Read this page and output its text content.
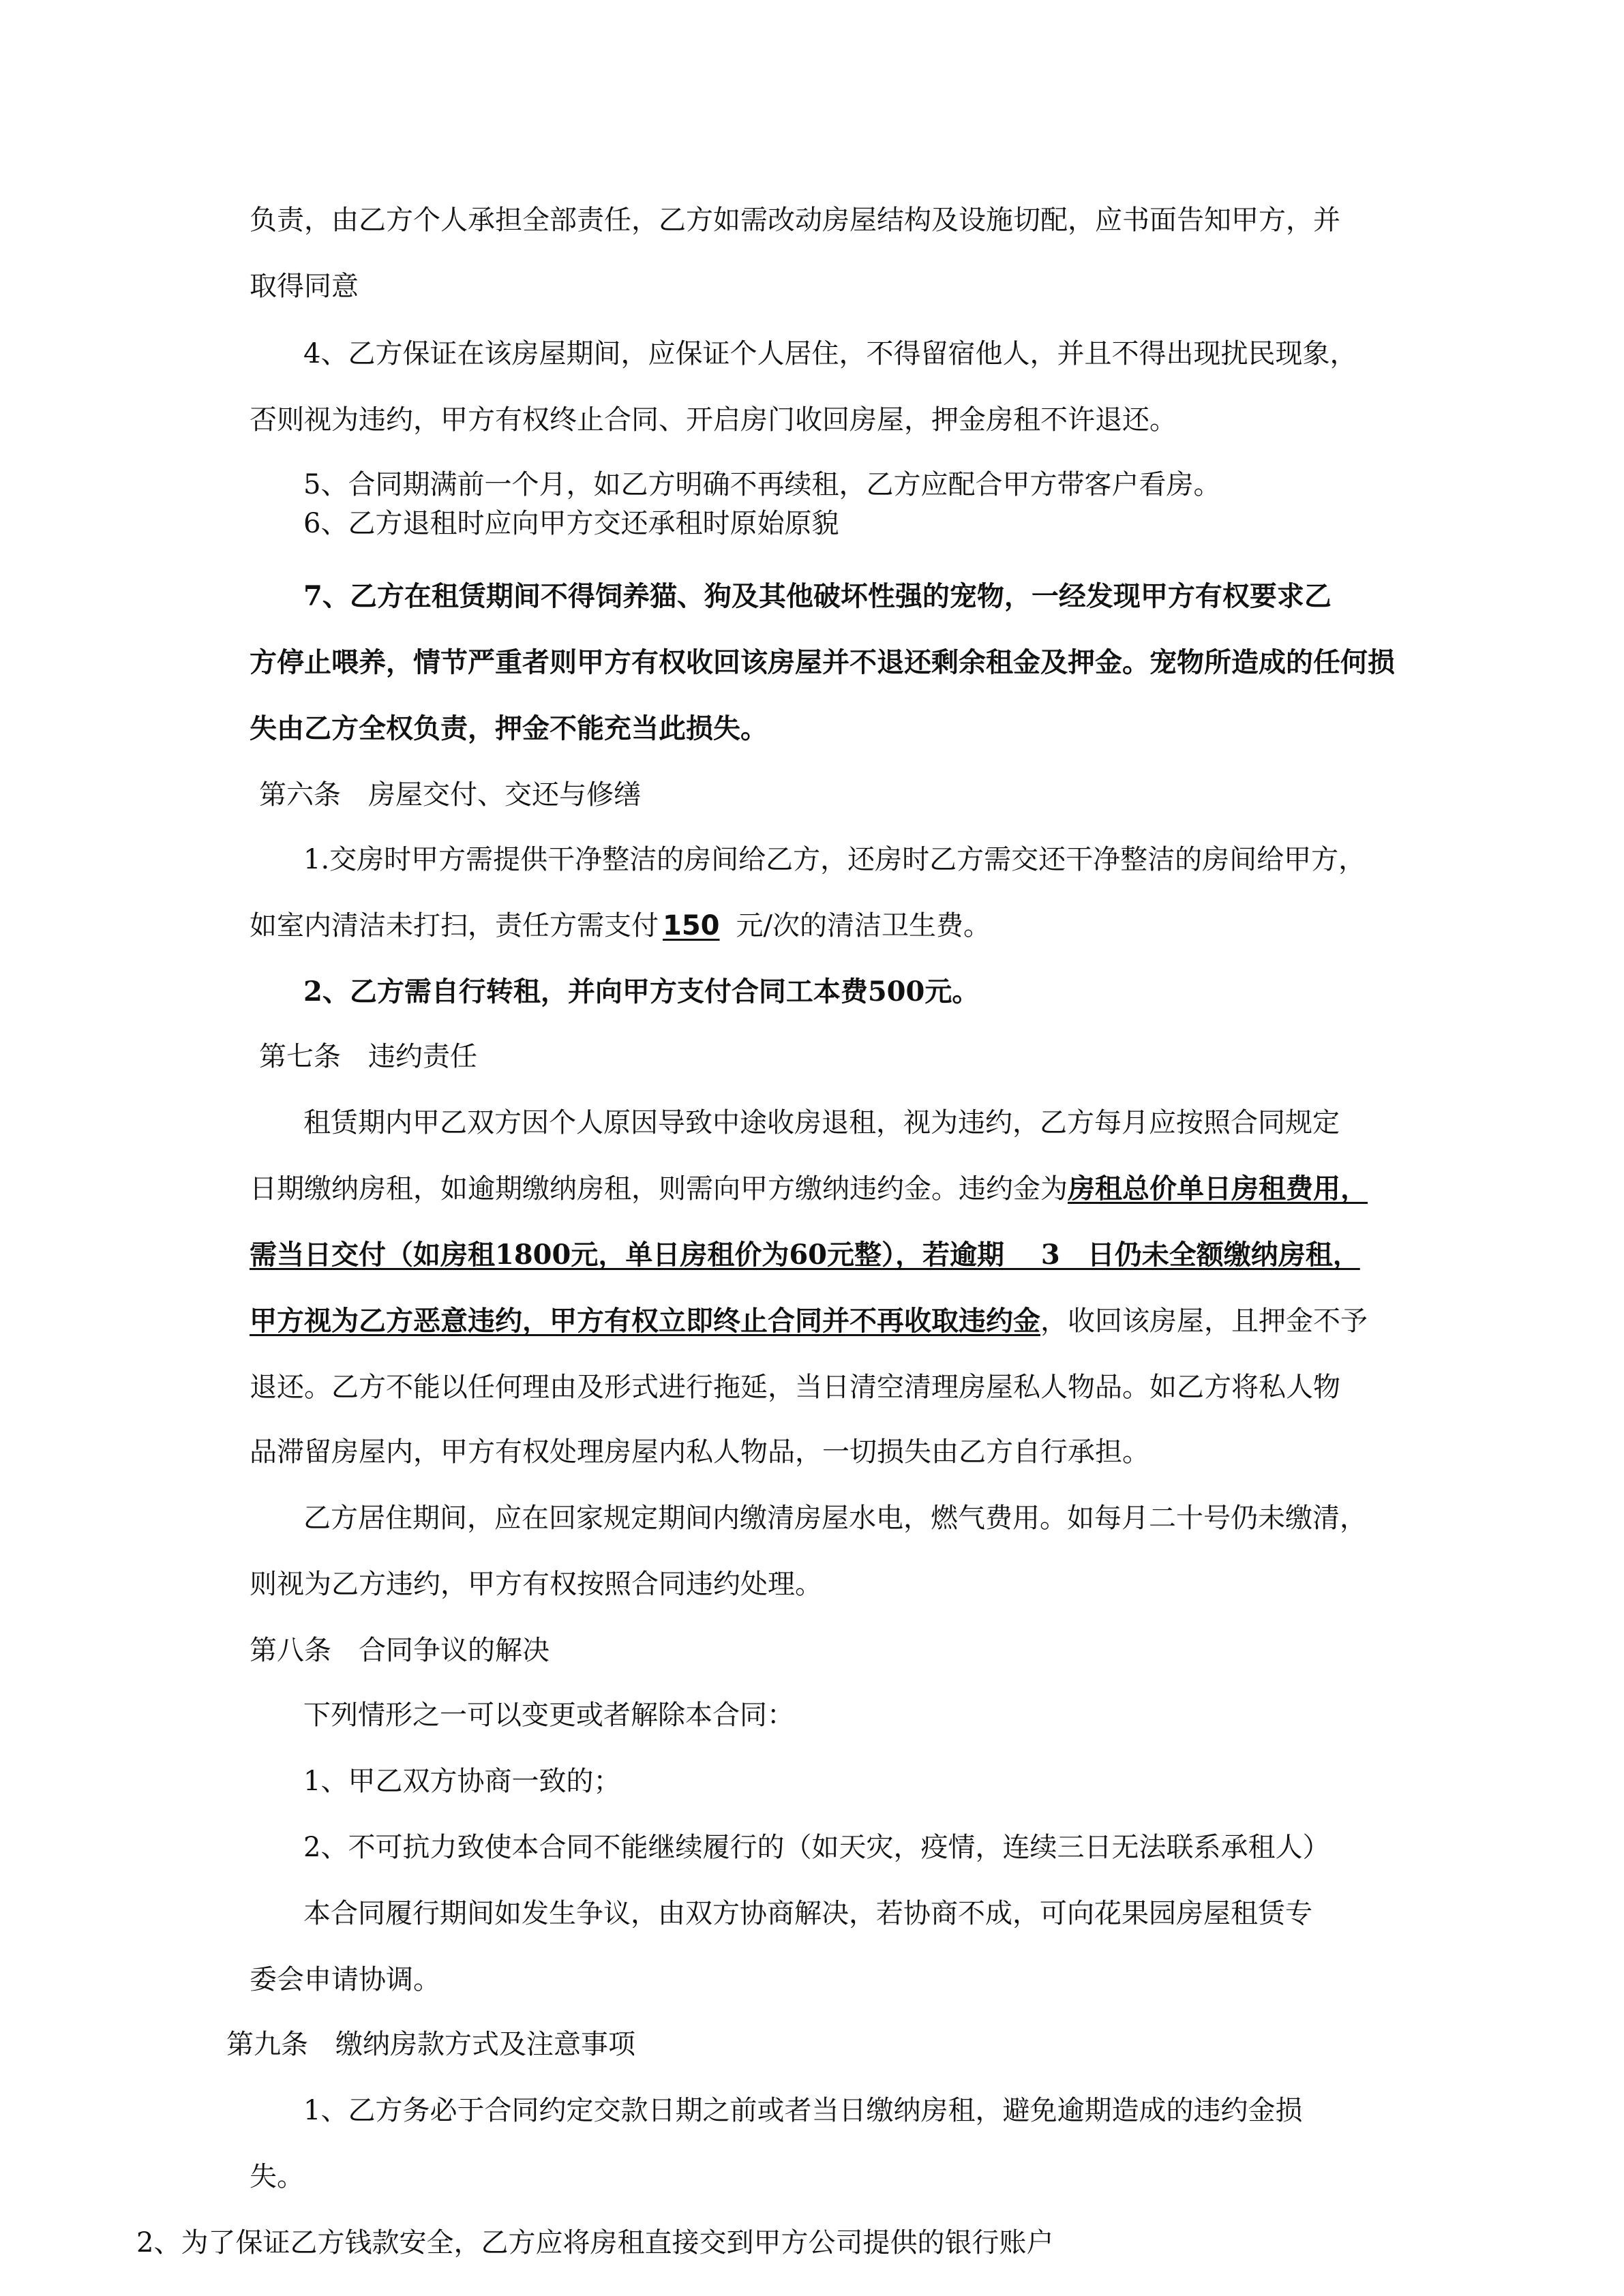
负责，由乙方个人承担全部责任，乙方如需改动房屋结构及设施切配，应书面告知甲方，并
取得同意
4、乙方保证在该房屋期间，应保证个人居住，不得留宿他人，并且不得出现扰民现象，
否则视为违约，甲方有权终止合同、开启房门收回房屋，押金房租不许退还。
5、合同期满前一个月，如乙方明确不再续租，乙方应配合甲方带客户看房。
6、乙方退租时应向甲方交还承租时原始原貌
7、乙方在租赁期间不得饲养猫、狗及其他破坏性强的宠物，一经发现甲方有权要求乙
方停止喂养，情节严重者则甲方有权收回该房屋并不退还剩余租金及押金。宠物所造成的任何损
失由乙方全权负责，押金不能充当此损失。
第六条　房屋交付、交还与修缮
1.交房时甲方需提供干净整洁的房间给乙方，还房时乙方需交还干净整洁的房间给甲方，
如室内清洁未打扫，责任方需支付 150 元/次的清洁卫生费。
2、乙方需自行转租，并向甲方支付合同工本费500元。
第七条　违约责任
租赁期内甲乙双方因个人原因导致中途收房退租，视为违约，乙方每月应按照合同规定
日期缴纳房租，如逾期缴纳房租，则需向甲方缴纳违约金。违约金为房租总价单日房租费用，
需当日交付（如房租1800元，单日房租价为60元整），若逾期　 3　日仍未全额缴纳房租，
甲方视为乙方恶意违约，甲方有权立即终止合同并不再收取违约金，收回该房屋，且押金不予
退还。乙方不能以任何理由及形式进行拖延，当日清空清理房屋私人物品。如乙方将私人物
品滞留房屋内，甲方有权处理房屋内私人物品，一切损失由乙方自行承担。
乙方居住期间，应在回家规定期间内缴清房屋水电，燃气费用。如每月二十号仍未缴清，
则视为乙方违约，甲方有权按照合同违约处理。
第八条　合同争议的解决
下列情形之一可以变更或者解除本合同：
1、甲乙双方协商一致的；
2、不可抗力致使本合同不能继续履行的（如天灾，疫情，连续三日无法联系承租人）
本合同履行期间如发生争议，由双方协商解决，若协商不成，可向花果园房屋租赁专
委会申请协调。
第九条　缴纳房款方式及注意事项
1、乙方务必于合同约定交款日期之前或者当日缴纳房租，避免逾期造成的违约金损
失。
2、为了保证乙方钱款安全，乙方应将房租直接交到甲方公司提供的银行账户
